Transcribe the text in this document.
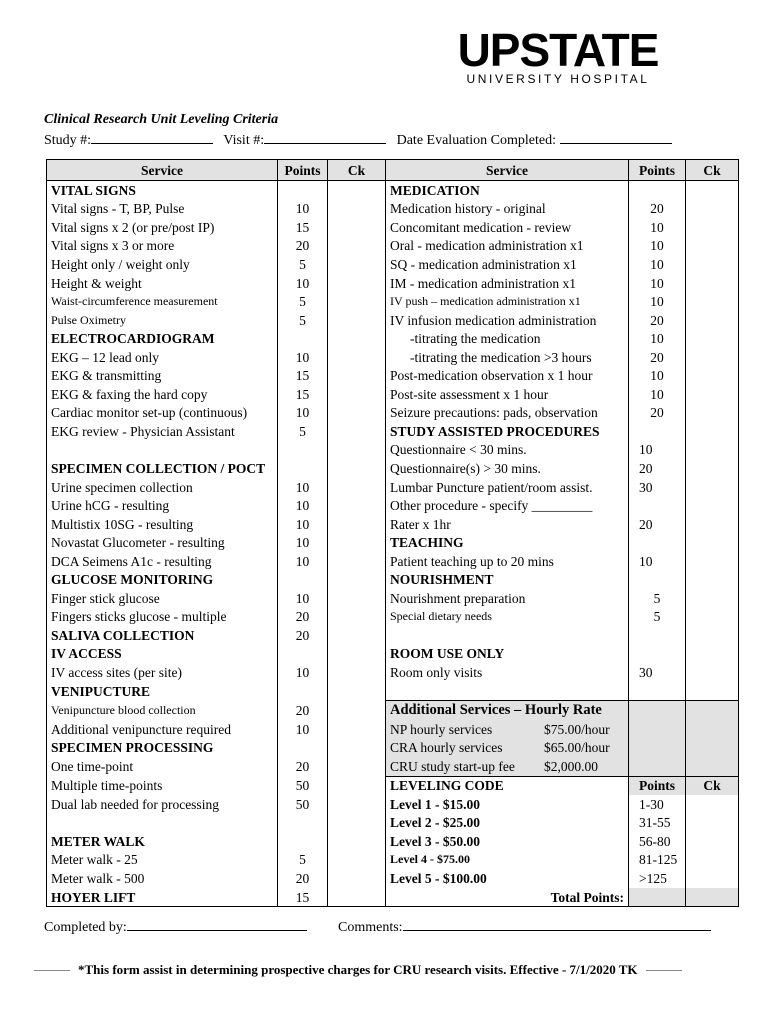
UPSTATE
UNIVERSITY HOSPITAL
Clinical Research Unit Leveling Criteria
Study #:	Visit #:	Date Evaluation Completed:
Service	Points	Ck	Service	Points	Ck
VITAL SIGNS			MEDICATION		
Vital signs - T, BP, Pulse	10		Medication history - original	20	
Vital signs x 2 (or pre/post IP)	15		Concomitant medication - review	10	
Vital signs x 3 or more	20		Oral - medication administration x1	10	
Height only / weight only	5		SQ - medication administration x1	10	
Height & weight	10		IM - medication administration x1	10	
Waist-circumference measurement	5		IV push – medication administration x1	10	
Pulse Oximetry	5		IV infusion medication administration	20	
ELECTROCARDIOGRAM			-titrating the medication	10	
EKG – 12 lead only	10		-titrating the medication >3 hours	20	
EKG & transmitting	15		Post-medication observation x 1 hour	10	
EKG & faxing the hard copy	15		Post-site assessment x 1 hour	10	
Cardiac monitor set-up (continuous)	10		Seizure precautions: pads, observation	20	
EKG review - Physician Assistant	5		STUDY ASSISTED PROCEDURES		
			Questionnaire < 30 mins.	10	
SPECIMEN COLLECTION / POCT			Questionnaire(s) > 30 mins.	20	
Urine specimen collection	10		Lumbar Puncture patient/room assist.	30	
Urine hCG - resulting	10		Other procedure - specify _________		
Multistix 10SG - resulting	10		Rater x 1hr	20	
Novastat Glucometer - resulting	10		TEACHING		
DCA Seimens A1c - resulting	10		Patient teaching up to 20 mins	10	
GLUCOSE MONITORING			NOURISHMENT		
Finger stick glucose	10		Nourishment preparation	5	
Fingers sticks glucose - multiple	20		Special dietary needs	5	
SALIVA COLLECTION	20				
IV ACCESS			ROOM USE ONLY		
IV access sites (per site)	10		Room only visits	30	
VENIPUCTURE					
Venipuncture blood collection	20		Additional Services – Hourly Rate		
Additional venipuncture required	10		NP hourly services $75.00/hour		
SPECIMEN PROCESSING			CRA hourly services $65.00/hour		
One time-point	20		CRU study start-up fee $2,000.00		
Multiple time-points	50		LEVELING CODE	Points	Ck
Dual lab needed for processing	50		Level 1 - $15.00	1-30	
			Level 2 - $25.00	31-55	
METER WALK			Level 3 - $50.00	56-80	
Meter walk - 25	5		Level 4 - $75.00	81-125	
Meter walk - 500	20		Level 5 - $100.00	>125	
HOYER LIFT	15		Total Points:		
Completed by:	Comments:
*This form assist in determining prospective charges for CRU research visits. Effective - 7/1/2020 TK
